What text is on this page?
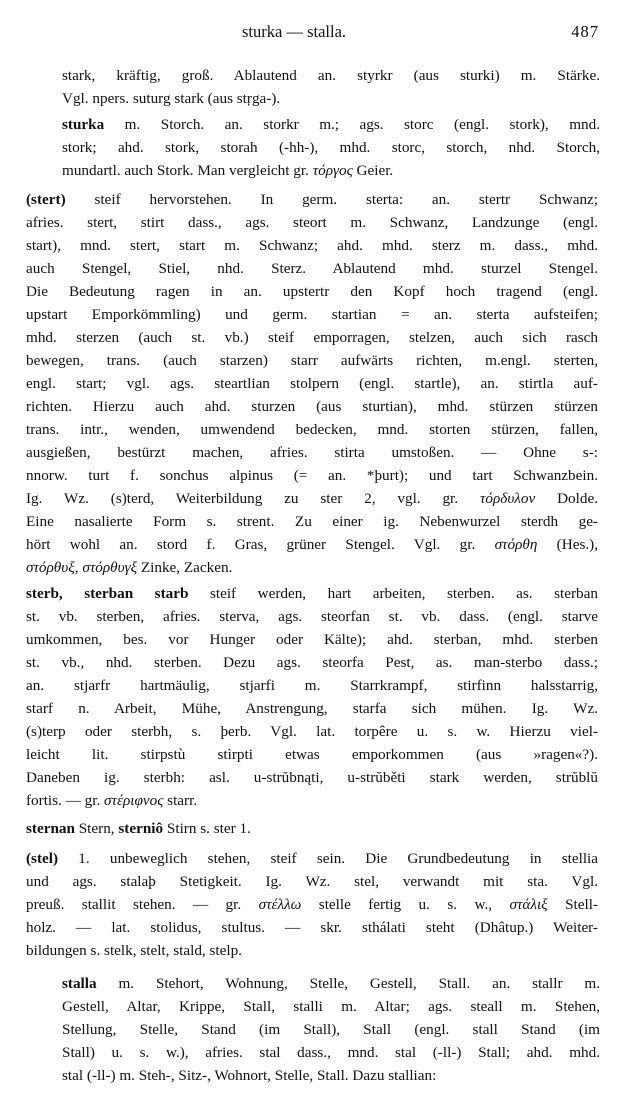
sturka — stalla.	487
stark, kräftig, groß. Ablautend an. styrkr (aus sturki) m. Stärke.
Vgl. npers. suturg stark (aus stŗga-).
sturka m. Storch. an. storkr m.; ags. storc (engl. stork), mnd.
stork; ahd. stork, storah (-hh-), mhd. storc, storch, nhd. Storch,
mundartl. auch Stork. Man vergleicht gr. τόργος Geier.
(stert) steif hervorstehen. In germ. sterta: an. stertr Schwanz;
afries. stert, stirt dass., ags. steort m. Schwanz, Landzunge (engl.
start), mnd. stert, start m. Schwanz; ahd. mhd. sterz m. dass., mhd.
auch Stengel, Stiel, nhd. Sterz. Ablautend mhd. sturzel Stengel.
Die Bedeutung ragen in an. upstertr den Kopf hoch tragend (engl.
upstart Emporkömmling) und germ. startian = an. sterta aufsteifen;
mhd. sterzen (auch st. vb.) steif emporragen, stelzen, auch sich rasch
bewegen, trans. (auch starzen) starr aufwärts richten, m.engl. sterten,
engl. start; vgl. ags. steartlian stolpern (engl. startle), an. stirtla auf-
richten. Hierzu auch ahd. sturzen (aus sturtian), mhd. stürzen stürzen
trans. intr., wenden, umwendend bedecken, mnd. storten stürzen, fallen,
ausgießen, bestürzt machen, afries. stirta umstoßen. — Ohne s-:
nnorw. turt f. sonchus alpinus (= an. *þurt); und tart Schwanzbein.
Ig. Wz. (s)terd, Weiterbildung zu ster 2, vgl. gr. τόρδυλον Dolde.
Eine nasalierte Form s. strent. Zu einer ig. Nebenwurzel sterdh ge-
hört wohl an. stord f. Gras, grüner Stengel. Vgl. gr. στόρθη (Hes.),
στόρθυξ, στόρθυγξ Zinke, Zacken.
sterb, sterban starb steif werden, hart arbeiten, sterben. as. sterban
st. vb. sterben, afries. sterva, ags. steorfan st. vb. dass. (engl. starve
umkommen, bes. vor Hunger oder Kälte); ahd. sterban, mhd. sterben
st. vb., nhd. sterben. Dezu ags. steorfa Pest, as. man-sterbo dass.;
an. stjarfr hartmäulig, stjarfi m. Starrkrampf, stirfinn halsstarrig,
starf n. Arbeit, Mühe, Anstrengung, starfa sich mühen. Ig. Wz.
(s)terp oder sterbh, s. þerb. Vgl. lat. torpêre u. s. w. Hierzu viel-
leicht lit. stirpstù stìrpti etwas emporkommen (aus »ragen«?).
Daneben ig. sterbh: asl. u-strŭbnąti, u-strŭběti stark werden, strŭblŭ
fortis. — gr. στέριφνος starr.
sternan Stern, sterniô Stirn s. ster 1.
(stel) 1. unbeweglich stehen, steif sein. Die Grundbedeutung in stellia
und ags. stalaþ Stetigkeit. Ig. Wz. stel, verwandt mit sta. Vgl.
preuß. stallit stehen. — gr. στέλλω stelle fertig u. s. w., στάλιξ Stell-
holz. — lat. stolidus, stultus. — skr. sthálati steht (Dhâtup.) Weiter-
bildungen s. stelk, stelt, stald, stelp.
stalla m. Stehort, Wohnung, Stelle, Gestell, Stall. an. stallr m.
Gestell, Altar, Krippe, Stall, stalli m. Altar; ags. steall m. Stehen,
Stellung, Stelle, Stand (im Stall), Stall (engl. stall Stand (im
Stall) u. s. w.), afries. stal dass., mnd. stal (-ll-) Stall; ahd. mhd.
stal (-ll-) m. Steh-, Sitz-, Wohnort, Stelle, Stall. Dazu stallian:
